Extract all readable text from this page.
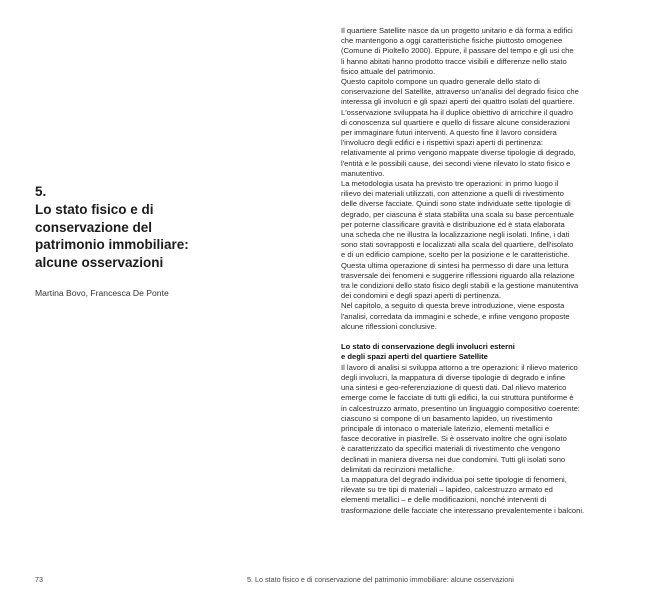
5.
Lo stato fisico e di
conservazione del
patrimonio immobiliare:
alcune osservazioni
Martina Bovo, Francesca De Ponte
Il quartiere Satellite nasce da un progetto unitario e dà forma a edifici
che mantengono a oggi caratteristiche fisiche piuttosto omogenee
(Comune di Pioltello 2000). Eppure, il passare del tempo e gli usi che
li hanno abitati hanno prodotto tracce visibili e differenze nello stato
fisico attuale del patrimonio.
Questo capitolo compone un quadro generale dello stato di
conservazione del Satellite, attraverso un'analisi del degrado fisico che
interessa gli involucri e gli spazi aperti dei quattro isolati del quartiere.
L'osservazione sviluppata ha il duplice obiettivo di arricchire il quadro
di conoscenza sul quartiere e quello di fissare alcune considerazioni
per immaginare futuri interventi. A questo fine il lavoro considera
l'involucro degli edifici e i rispettivi spazi aperti di pertinenza:
relativamente al primo vengono mappate diverse tipologie di degrado,
l'entità e le possibili cause, dei secondi viene rilevato lo stato fisico e
manutentivo.
La metodologia usata ha previsto tre operazioni: in primo luogo il
rilievo dei materiali utilizzati, con attenzione a quelli di rivestimento
delle diverse facciate. Quindi sono state individuate sette tipologie di
degrado, per ciascuna è stata stabilita una scala su base percentuale
per poterne classificare gravità e distribuzione ed è stata elaborata
una scheda che ne illustra la localizzazione negli isolati. Infine, i dati
sono stati sovrapposti e localizzati alla scala del quartiere, dell'isolato
e di un edificio campione, scelto per la posizione e le caratteristiche.
Questa ultima operazione di sintesi ha permesso di dare una lettura
trasversale dei fenomeni e suggerire riflessioni riguardo alla relazione
tra le condizioni dello stato fisico degli stabili e la gestione manutentiva
dei condomini e degli spazi aperti di pertinenza.
Nel capitolo, a seguito di questa breve introduzione, viene esposta
l'analisi, corredata da immagini e schede, e infine vengono proposte
alcune riflessioni conclusive.
Lo stato di conservazione degli involucri esterni
e degli spazi aperti del quartiere Satellite
Il lavoro di analisi si sviluppa attorno a tre operazioni: il rilievo materico
degli involucri, la mappatura di diverse tipologie di degrado e infine
una sintesi e geo-referenziazione di questi dati. Dal rilievo materico
emerge come le facciate di tutti gli edifici, la cui struttura puntiforme è
in calcestruzzo armato, presentino un linguaggio compositivo coerente:
ciascuno si compone di un basamento lapideo, un rivestimento
principale di intonaco o materiale laterizio, elementi metallici e
fasce decorative in piastrelle. Si è osservato inoltre che ogni isolato
è caratterizzato da specifici materiali di rivestimento che vengono
declinati in maniera diversa nei due condomini. Tutti gli isolati sono
delimitati da recinzioni metalliche.
La mappatura del degrado individua poi sette tipologie di fenomeni,
rilevate su tre tipi di materiali – lapideo, calcestruzzo armato ed
elementi metallici – e delle modificazioni, nonché interventi di
trasformazione delle facciate che interessano prevalentemente i balconi.
73	5. Lo stato fisico e di conservazione del patrimonio immobiliare: alcune osservazioni
